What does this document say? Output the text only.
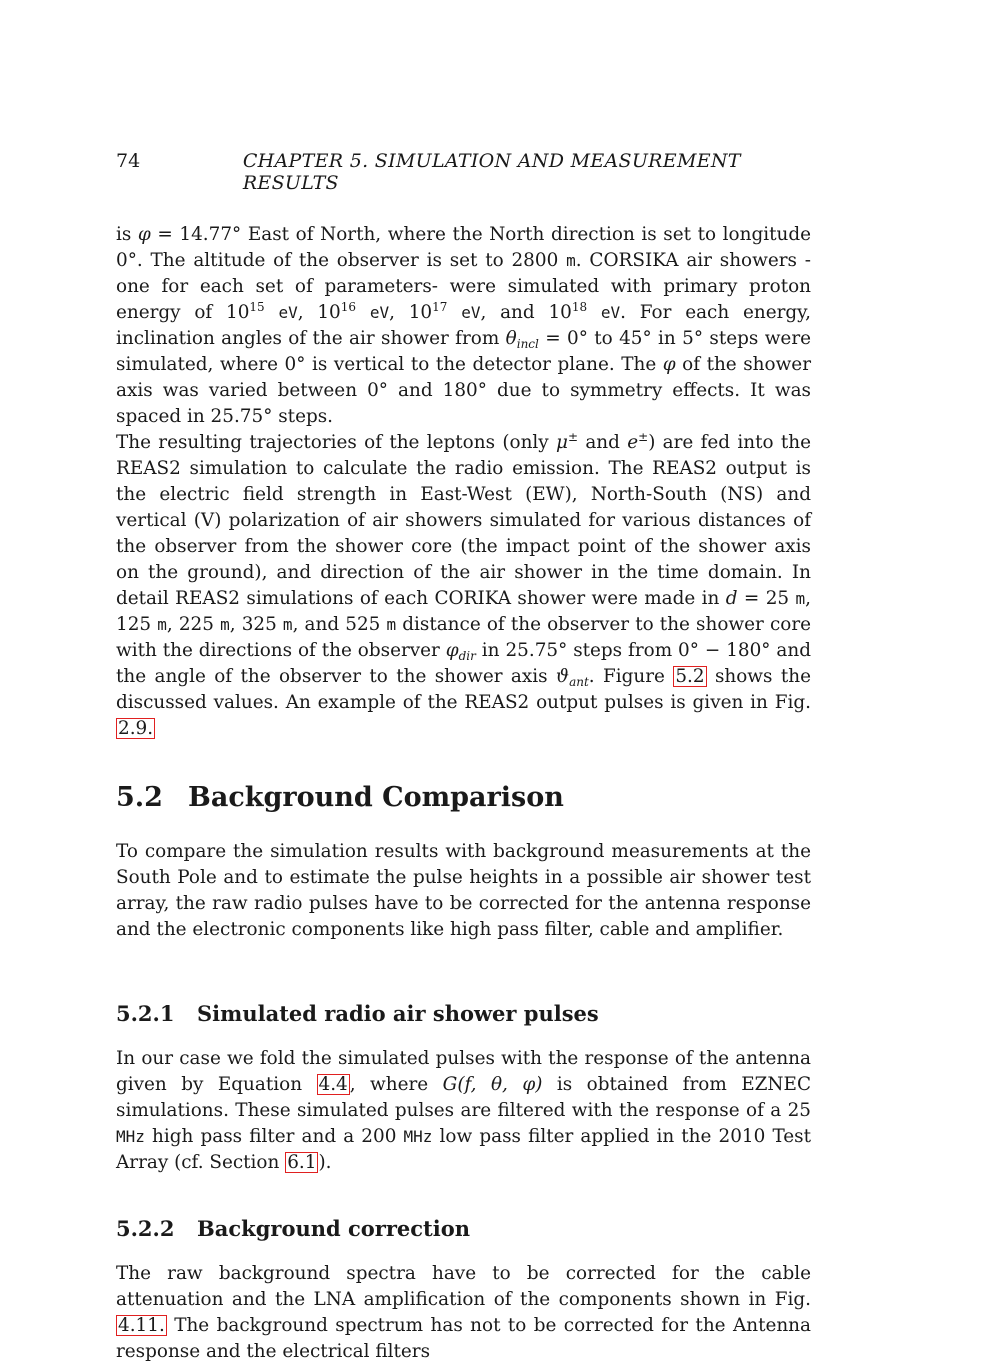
74	CHAPTER 5. SIMULATION AND MEASUREMENT RESULTS

is φ = 14.77° East of North, where the North direction is set to longitude 0°. The altitude of the observer is set to 2800 m. CORSIKA air showers -one for each set of parameters- were simulated with primary proton energy of $10^{15}$ eV, $10^{16}$ eV, $10^{17}$ eV, and $10^{18}$ eV. For each energy, inclination angles of the air shower from $\theta_{incl} = 0^\circ$ to 45° in 5° steps were simulated, where 0° is vertical to the detector plane. The φ of the shower axis was varied between 0° and 180° due to symmetry effects. It was spaced in 25.75° steps.

The resulting trajectories of the leptons (only μ± and e±) are fed into the REAS2 simulation to calculate the radio emission. The REAS2 output is the electric field strength in East-West (EW), North-South (NS) and vertical (V) polarization of air showers simulated for various distances of the observer from the shower core (the impact point of the shower axis on the ground), and direction of the air shower in the time domain. In detail REAS2 simulations of each CORIKA shower were made in d = 25 m, 125 m, 225 m, 325 m, and 525 m distance of the observer to the shower core with the directions of the observer $\varphi_{dir}$ in 25.75° steps from 0° − 180° and the angle of the observer to the shower axis $ϑ_{ant}$. Figure 5.2 shows the discussed values. An example of the REAS2 output pulses is given in Fig. 2.9.

5.2 Background Comparison

To compare the simulation results with background measurements at the South Pole and to estimate the pulse heights in a possible air shower test array, the raw radio pulses have to be corrected for the antenna response and the electronic components like high pass filter, cable and amplifier.

5.2.1 Simulated radio air shower pulses

In our case we fold the simulated pulses with the response of the antenna given by Equation 4.4 , where G(f, θ, φ) is obtained from EZNEC simulations. These simulated pulses are filtered with the response of a 25 MHz high pass filter and a 200 MHz low pass filter applied in the 2010 Test Array (cf. Section 6.1 ).

5.2.2 Background correction

The raw background spectra have to be corrected for the cable attenuation and the LNA amplification of the components shown in Fig. 4.11. The background spectrum has not to be corrected for the Antenna response and the electrical filters
